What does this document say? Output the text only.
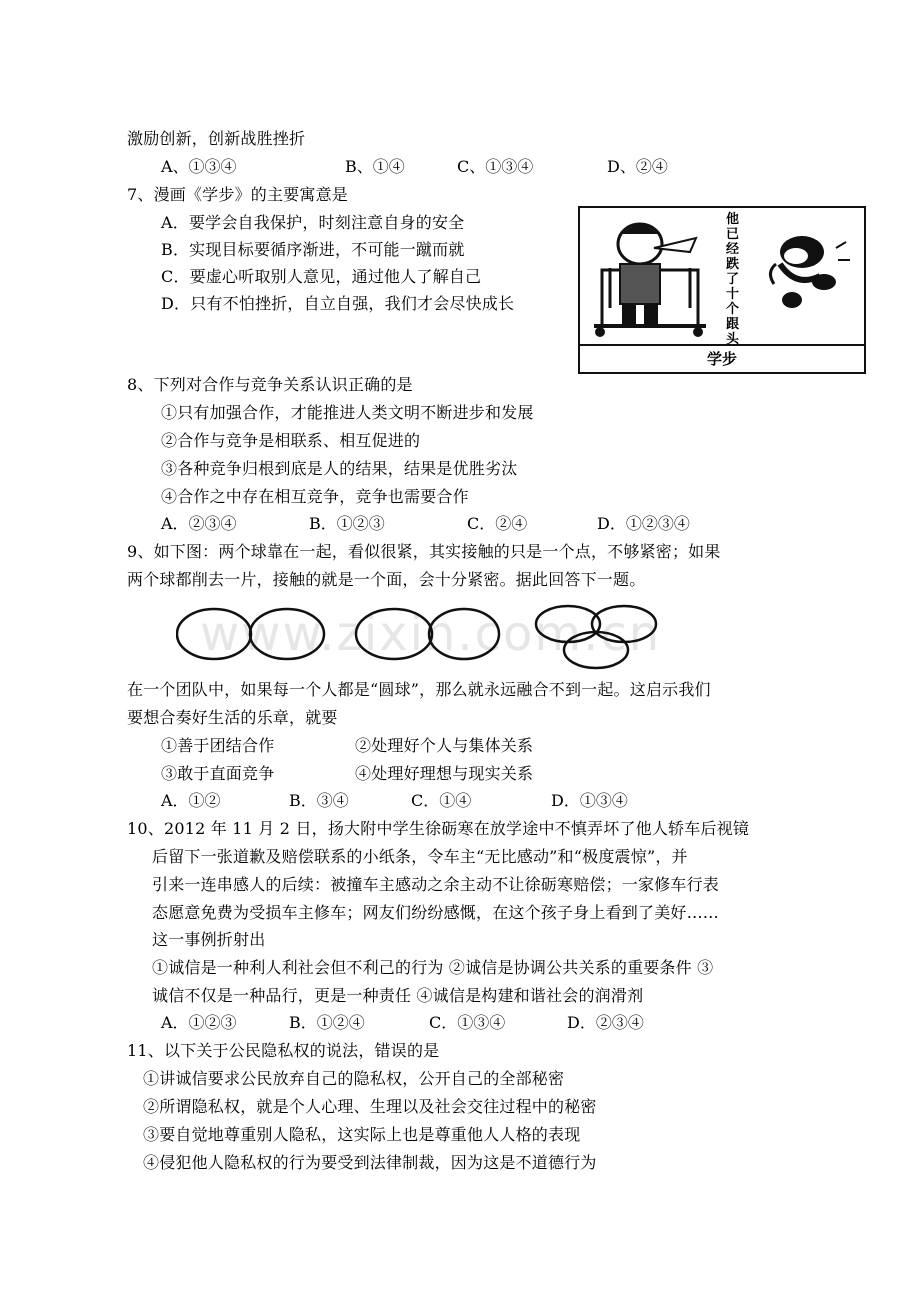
激励创新，创新战胜挫折
A、①③④	B、①④	C、①③④	D、②④
7、漫画《学步》的主要寓意是
A．要学会自我保护，时刻注意自身的安全
B．实现目标要循序渐进，不可能一蹴而就
C．要虚心听取别人意见，通过他人了解自己
D．只有不怕挫折，自立自强，我们才会尽快成长
他已经跌了十个跟头
学步
8、下列对合作与竞争关系认识正确的是
①只有加强合作，才能推进人类文明不断进步和发展
②合作与竞争是相联系、相互促进的
③各种竞争归根到底是人的结果，结果是优胜劣汰
④合作之中存在相互竞争，竞争也需要合作
A．②③④	B．①②③	C．②④	D．①②③④
9、如下图：两个球靠在一起，看似很紧，其实接触的只是一个点，不够紧密；如果
两个球都削去一片，接触的就是一个面，会十分紧密。据此回答下一题。
www.zixin.com.cn
在一个团队中，如果每一个人都是“圆球”，那么就永远融合不到一起。这启示我们
要想合奏好生活的乐章，就要
①善于团结合作	②处理好个人与集体关系
③敢于直面竞争	④处理好理想与现实关系
A．①②	B．③④	C．①④	D．①③④
10、2012 年 11 月 2 日，扬大附中学生徐砺寒在放学途中不慎弄坏了他人轿车后视镜
后留下一张道歉及赔偿联系的小纸条，令车主“无比感动”和“极度震惊”，并
引来一连串感人的后续：被撞车主感动之余主动不让徐砺寒赔偿；一家修车行表
态愿意免费为受损车主修车；网友们纷纷感慨，在这个孩子身上看到了美好……
这一事例折射出
①诚信是一种利人利社会但不利己的行为 ②诚信是协调公共关系的重要条件 ③
诚信不仅是一种品行，更是一种责任 ④诚信是构建和谐社会的润滑剂
A．①②③	B．①②④	C．①③④	D．②③④
11、以下关于公民隐私权的说法，错误的是
①讲诚信要求公民放弃自己的隐私权，公开自己的全部秘密
②所谓隐私权，就是个人心理、生理以及社会交往过程中的秘密
③要自觉地尊重别人隐私，这实际上也是尊重他人人格的表现
④侵犯他人隐私权的行为要受到法律制裁，因为这是不道德行为
